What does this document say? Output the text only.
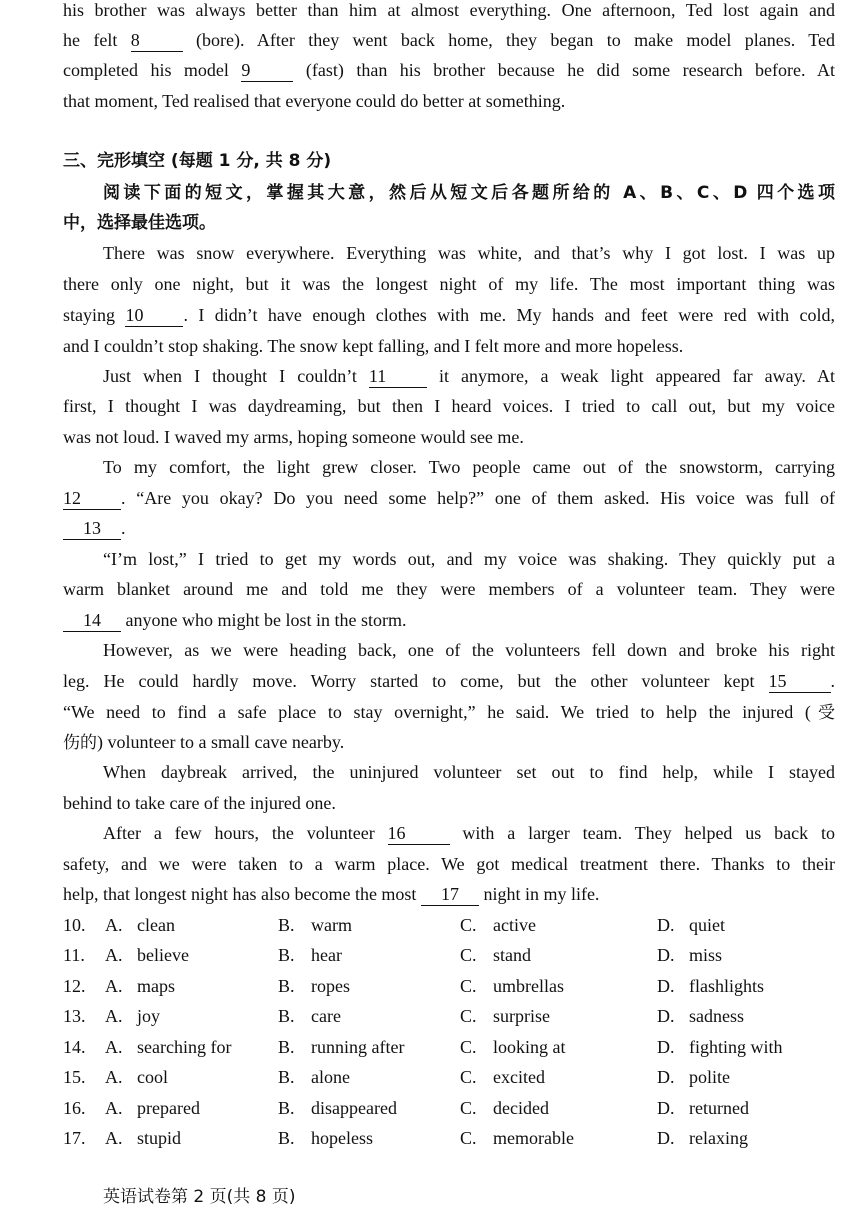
his brother was always better than him at almost everything. One afternoon, Ted lost again and
he felt 8 (bore). After they went back home, they began to make model planes. Ted
completed his model 9 (fast) than his brother because he did some research before. At
that moment, Ted realised that everyone could do better at something.
三、完形填空 (每题 1 分, 共 8 分)
阅读下面的短文，掌握其大意，然后从短文后各题所给的 A、B、C、D 四个选项
中，选择最佳选项。
There was snow everywhere. Everything was white, and that’s why I got lost. I was up
there only one night, but it was the longest night of my life. The most important thing was
staying 10 . I didn’t have enough clothes with me. My hands and feet were red with cold,
and I couldn’t stop shaking. The snow kept falling, and I felt more and more hopeless.
Just when I thought I couldn’t 11 it anymore, a weak light appeared far away. At
first, I thought I was daydreaming, but then I heard voices. I tried to call out, but my voice
was not loud. I waved my arms, hoping someone would see me.
To my comfort, the light grew closer. Two people came out of the snowstorm, carrying
12 . “Are you okay? Do you need some help?” one of them asked. His voice was full of
13 .
“I’m lost,” I tried to get my words out, and my voice was shaking. They quickly put a
warm blanket around me and told me they were members of a volunteer team. They were
14 anyone who might be lost in the storm.
However, as we were heading back, one of the volunteers fell down and broke his right
leg. He could hardly move. Worry started to come, but the other volunteer kept 15 .
“We need to find a safe place to stay overnight,” he said. We tried to help the injured (受
伤的) volunteer to a small cave nearby.
When daybreak arrived, the uninjured volunteer set out to find help, while I stayed
behind to take care of the injured one.
After a few hours, the volunteer 16 with a larger team. They helped us back to
safety, and we were taken to a warm place. We got medical treatment there. Thanks to their
help, that longest night has also become the most 17 night in my life.
10. A. clean	B. warm	C. active	D. quiet
11. A. believe	B. hear	C. stand	D. miss
12. A. maps	B. ropes	C. umbrellas	D. flashlights
13. A. joy	B. care	C. surprise	D. sadness
14. A. searching for	B. running after	C. looking at	D. fighting with
15. A. cool	B. alone	C. excited	D. polite
16. A. prepared	B. disappeared	C. decided	D. returned
17. A. stupid	B. hopeless	C. memorable	D. relaxing
英语试卷第 2 页(共 8 页)
